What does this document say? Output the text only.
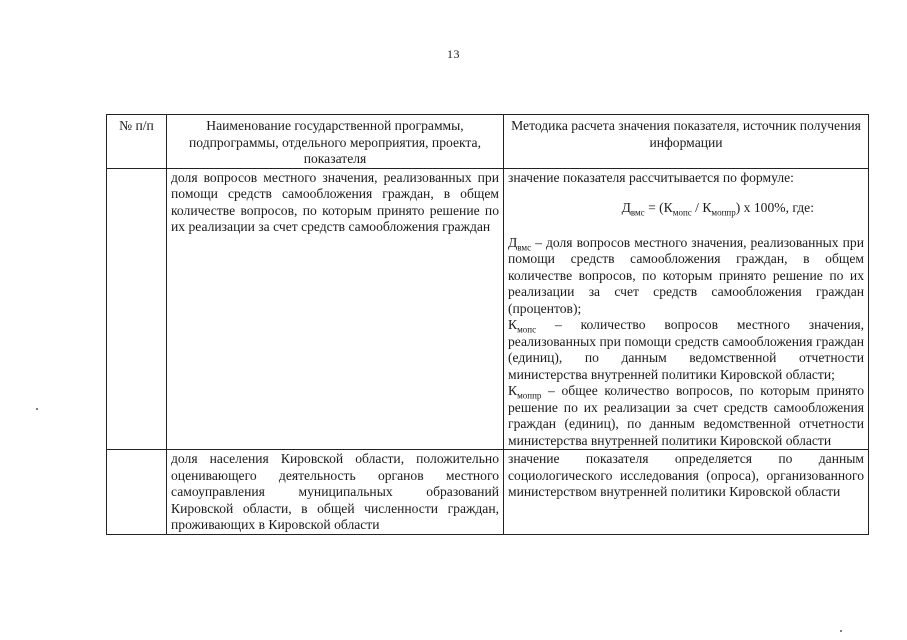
13
№ п/п	Наименование государственной программы, подпрограммы, отдельного мероприятия, проекта, показателя	Методика расчета значения показателя, источник получения информации
	доля вопросов местного значения, реализованных при помощи средств самообложения граждан, в общем количестве вопросов, по которым принято решение по их реализации за счет средств самообложения граждан	значение показателя рассчитывается по формуле:

$Д_{вмс} = (К_{мопс} / К_{моппр})$ x 100%, где:

$Д_{вмс}$ – доля вопросов местного значения, реализованных при помощи средств самообложения граждан, в общем количестве вопросов, по которым принято решение по их реализации за счет средств самообложения граждан (процентов);

$К_{мопс}$ – количество вопросов местного значения, реализованных при помощи средств самообложения граждан (единиц), по данным ведомственной отчетности министерства внутренней политики Кировской области;

$К_{моппр}$ – общее количество вопросов, по которым принято решение по их реализации за счет средств самообложения граждан (единиц), по данным ведомственной отчетности министерства внутренней политики Кировской области

	доля населения Кировской области, положительно оценивающего деятельность органов местного самоуправления муниципальных образований Кировской области, в общей численности граждан, проживающих в Кировской области	значение показателя определяется по данным социологического исследования (опроса), организованного министерством внутренней политики Кировской области
